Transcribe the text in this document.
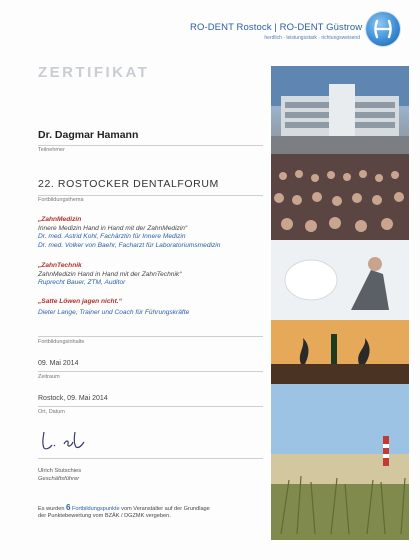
RO-DENT Rostock | RO-DENT Güstrow
herdlich · leistungsstark · richtungsweisend
ZERTIFIKAT
Dr. Dagmar Hamann
Teilnehmer
22. ROSTOCKER DENTALFORUM
Fortbildungsthema
„ZahnMedizin
Innere Medizin Hand in Hand mit der ZahnMedizin“
Dr. med. Astrid Kohl, Fachärztin für Innere Medizin
Dr. med. Volker von Baehr, Facharzt für Laboratoriumsmedizin
„ZahnTechnik
ZahnMedizin Hand in Hand mit der ZahnTechnik“
Ruprecht Bauer, ZTM, Auditor
„Satte Löwen jagen nicht.“
Dieter Lange, Trainer und Coach für Führungskräfte
Fortbildungsinhalte
09. Mai 2014
Zeitraum
Rostock, 09. Mai 2014
Ort, Datum
Ulrich Stutschies
Geschäftsführer
Es wurden 6 Fortbildungspunkte vom Veranstalter auf der Grundlage
der Punktebewertung vom BZÄK / DGZMK vergeben.
